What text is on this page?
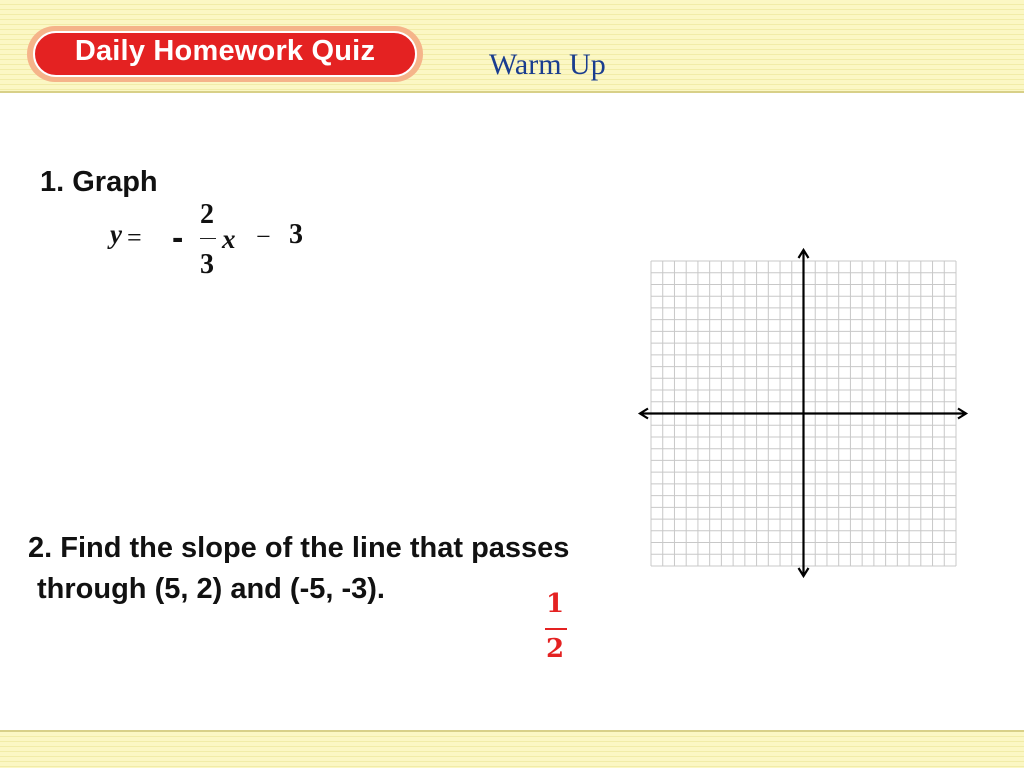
Daily Homework Quiz	Warm Up
1. Graph
y = -
2
3
x − 3
2. Find the slope of the line that passes
through (5, 2) and (-5, -3).	1
2
